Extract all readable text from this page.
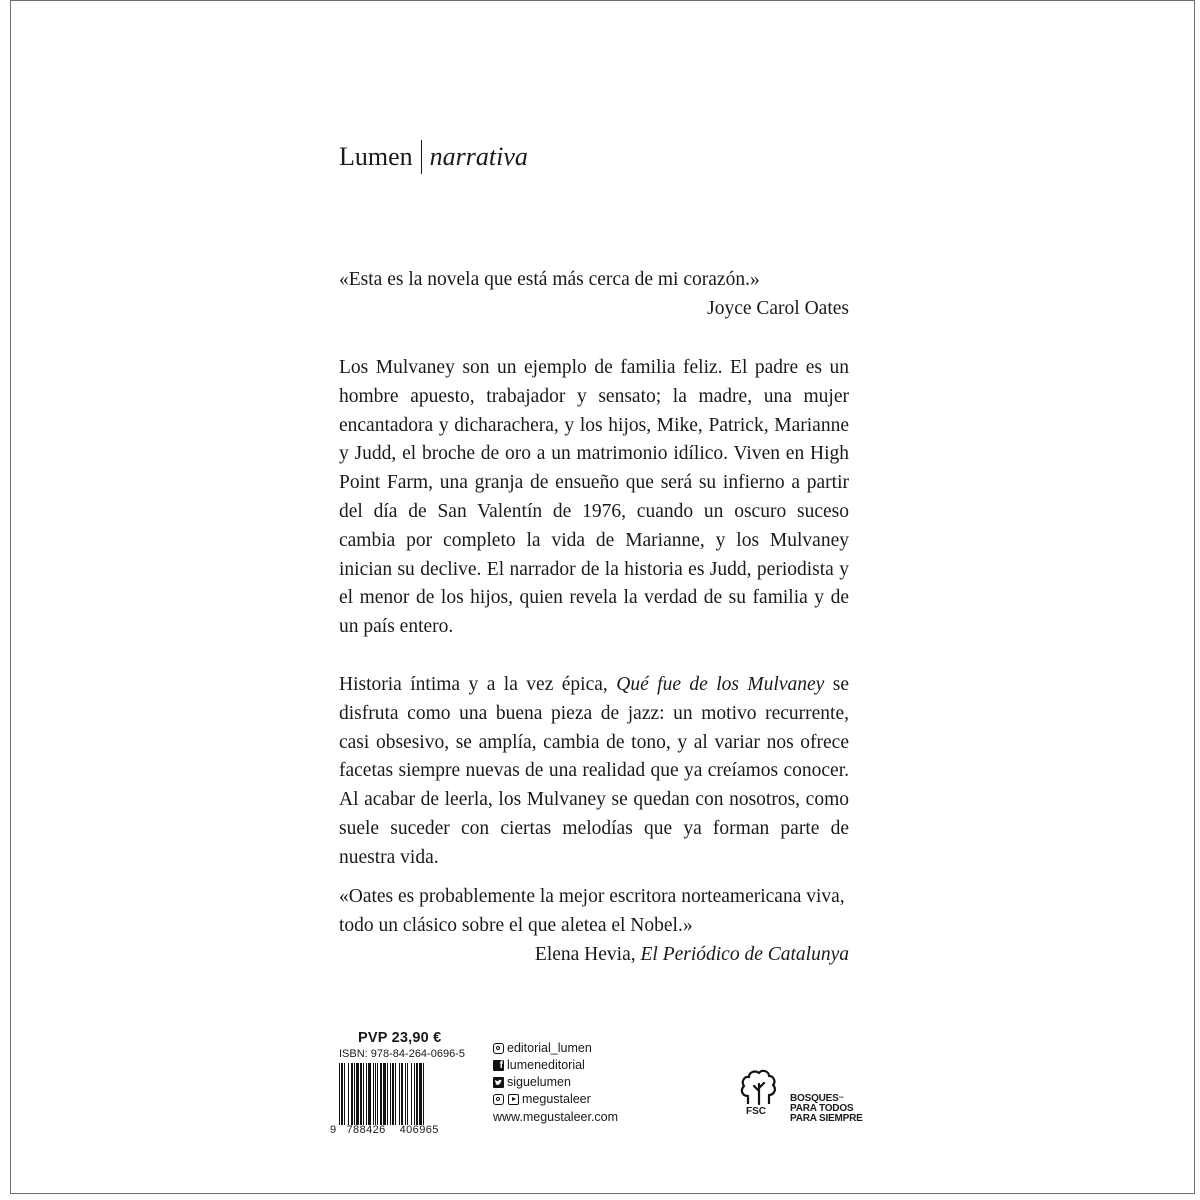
Lumen narrativa
«Esta es la novela que está más cerca de mi corazón.»
Joyce Carol Oates

Los Mulvaney son un ejemplo de familia feliz. El padre es un hombre apuesto, trabajador y sensato; la madre, una mujer encantadora y dicharachera, y los hijos, Mike, Patrick, Marianne y Judd, el broche de oro a un matrimonio idílico. Viven en High Point Farm, una granja de ensueño que será su infierno a partir del día de San Valentín de 1976, cuando un oscuro suceso cambia por completo la vida de Marianne, y los Mulvaney inician su declive. El narrador de la historia es Judd, periodista y el menor de los hijos, quien revela la verdad de su familia y de un país entero.

Historia íntima y a la vez épica, Qué fue de los Mulvaney se disfruta como una buena pieza de jazz: un motivo recurrente, casi obsesivo, se amplía, cambia de tono, y al variar nos ofrece facetas siempre nuevas de una realidad que ya creíamos conocer. Al acabar de leerla, los Mulvaney se quedan con nosotros, como suele suceder con ciertas melodías que ya forman parte de nuestra vida.

«Oates es probablemente la mejor escritora norteamericana viva, todo un clásico sobre el que aletea el Nobel.»
Elena Hevia, El Periódico de Catalunya
PVP 23,90 €
ISBN: 978-84-264-0696-5
9 788426 406965
editorial_lumen
f lumeneditorial
siguelumen
megustaleer
www.megustaleer.com	FSC
BOSQUES™
PARA TODOS
PARA SIEMPRE
